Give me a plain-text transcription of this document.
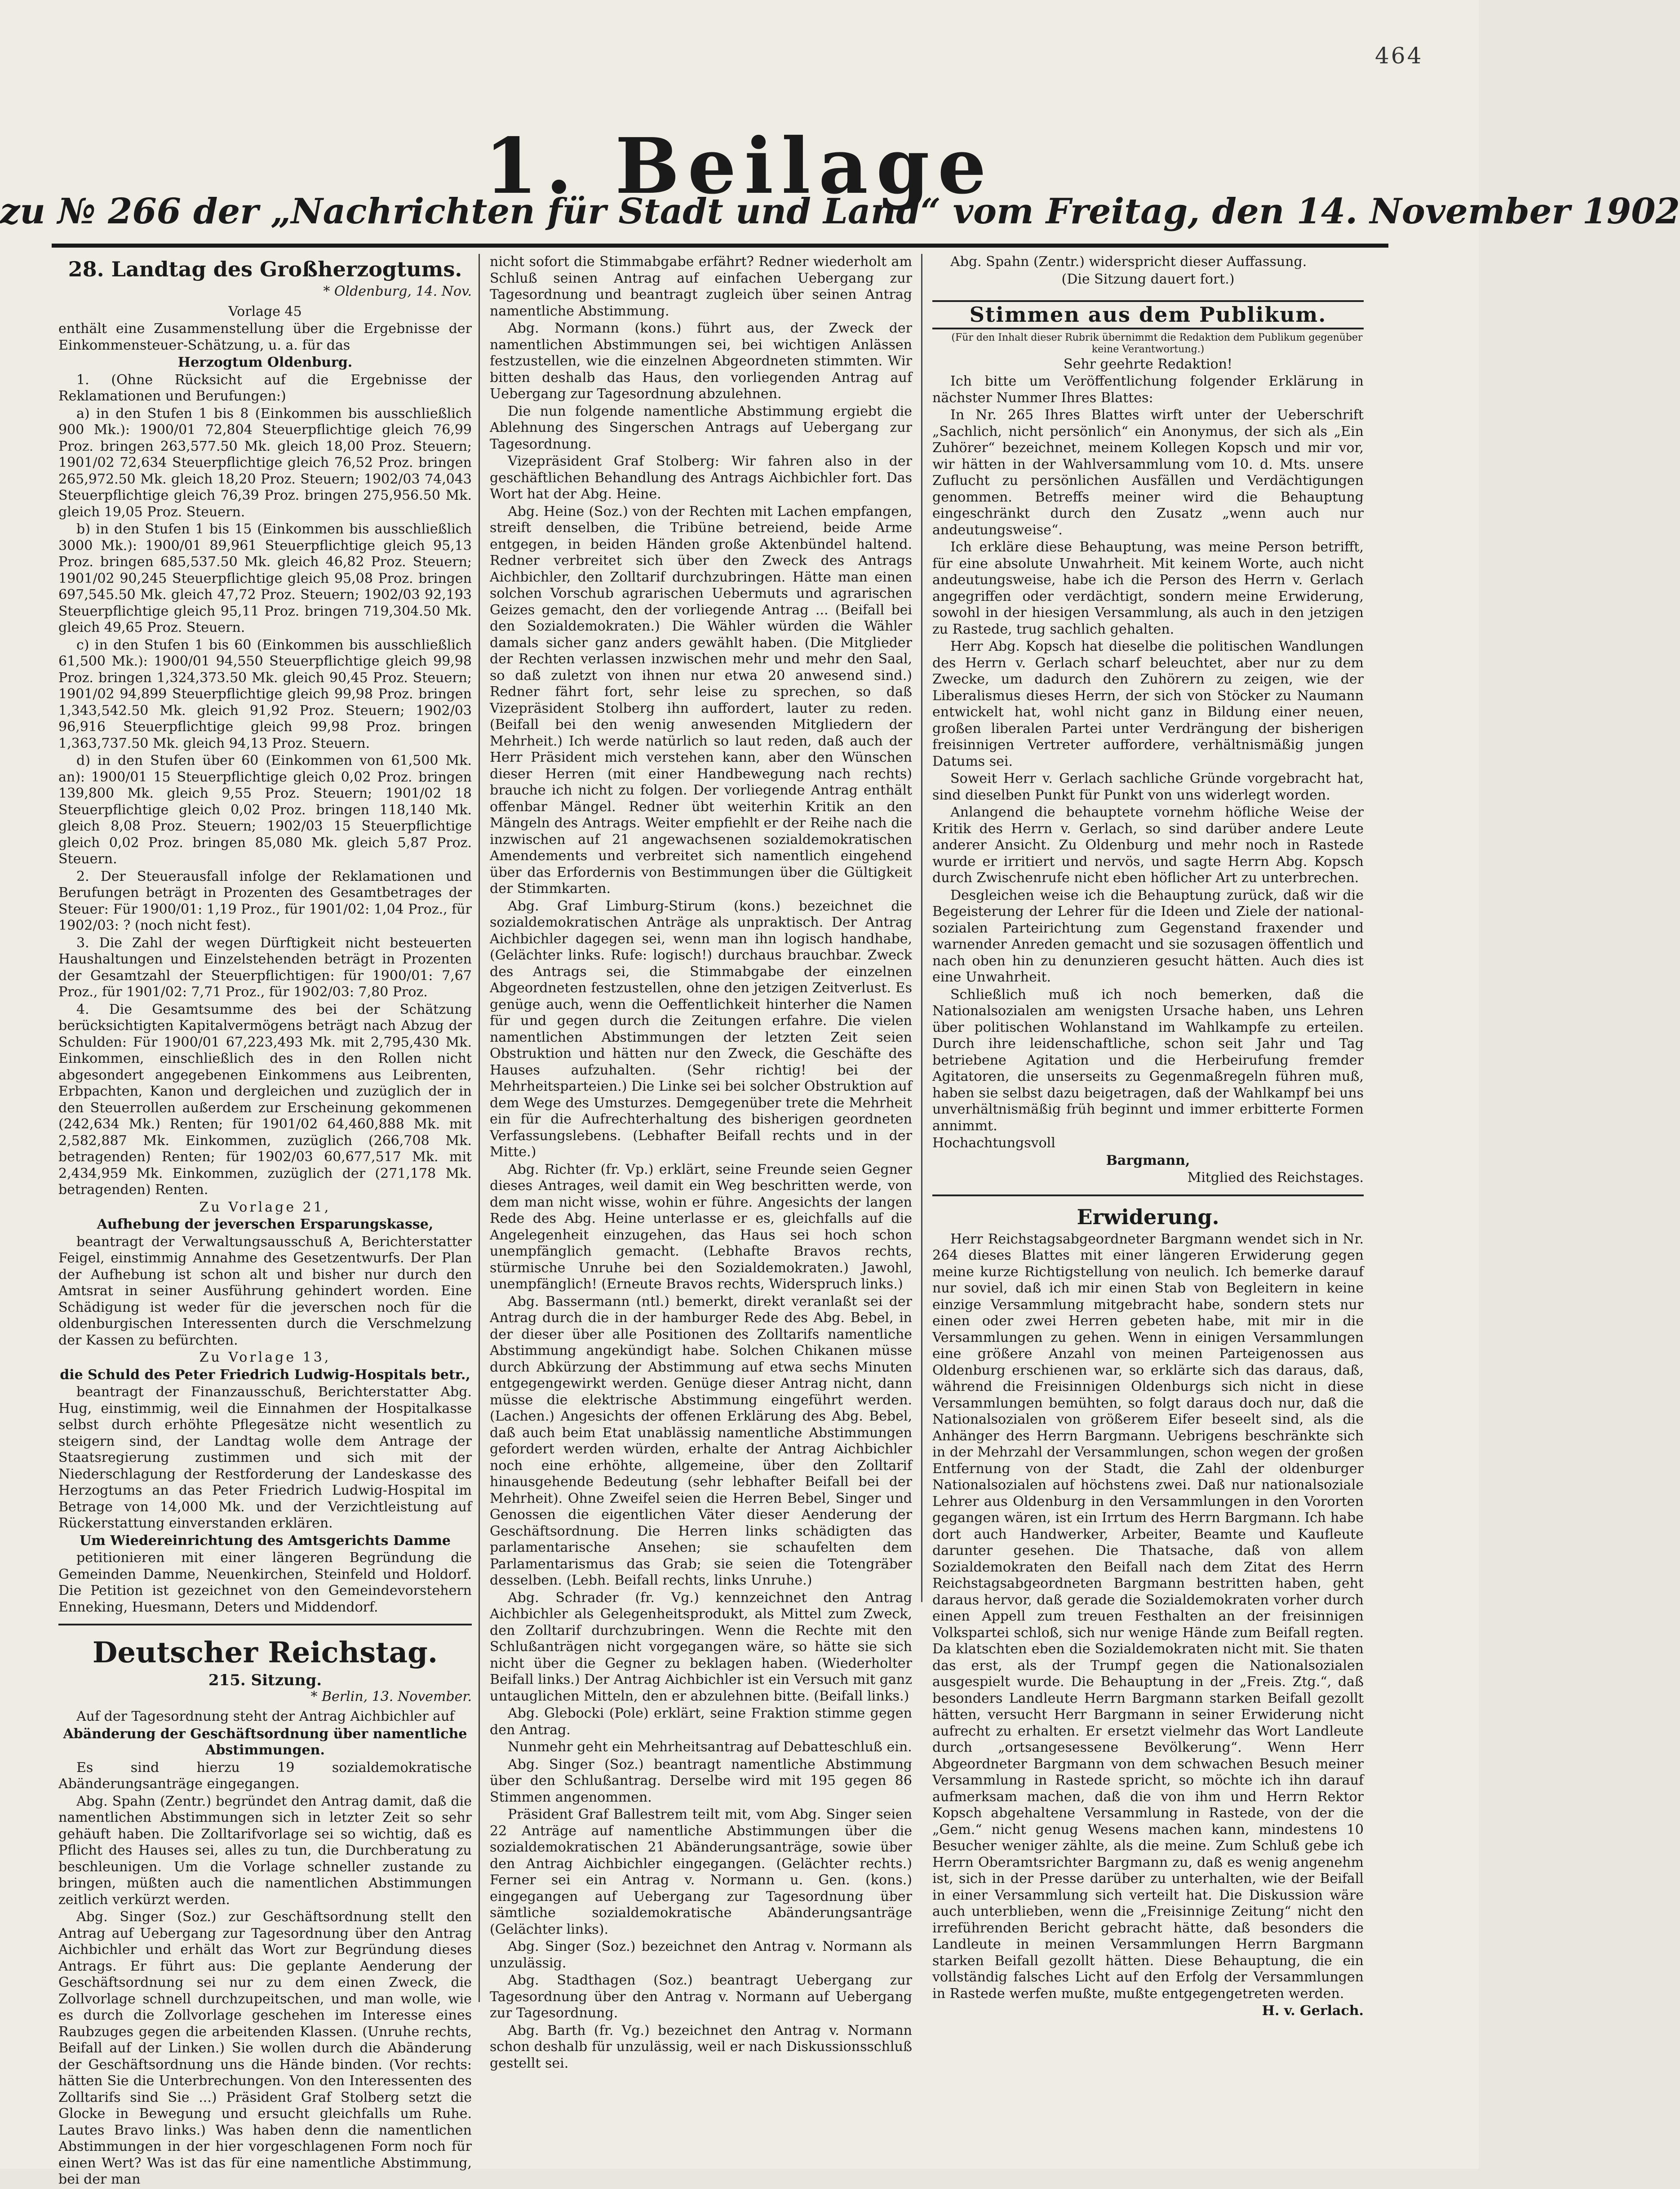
464
1. Beilage
zu № 266 der „Nachrichten für Stadt und Land“ vom Freitag, den 14. November 1902
28. Landtag des Großherzogtums.
* Oldenburg, 14. Nov.

Vorlage 45

enthält eine Zusammenstellung über die Ergebnisse der Einkommensteuer-Schätzung, u. a. für das

Herzogtum Oldenburg.

1. (Ohne Rücksicht auf die Ergebnisse der Reklamationen und Berufungen:)

a) in den Stufen 1 bis 8 (Einkommen bis ausschließlich 900 Mk.): 1900/01 72,804 Steuerpflichtige gleich 76,99 Proz. bringen 263,577.50 Mk. gleich 18,00 Proz. Steuern; 1901/02 72,634 Steuerpflichtige gleich 76,52 Proz. bringen 265,972.50 Mk. gleich 18,20 Proz. Steuern; 1902/03 74,043 Steuerpflichtige gleich 76,39 Proz. bringen 275,956.50 Mk. gleich 19,05 Proz. Steuern.

b) in den Stufen 1 bis 15 (Einkommen bis ausschließlich 3000 Mk.): 1900/01 89,961 Steuerpflichtige gleich 95,13 Proz. bringen 685,537.50 Mk. gleich 46,82 Proz. Steuern; 1901/02 90,245 Steuerpflichtige gleich 95,08 Proz. bringen 697,545.50 Mk. gleich 47,72 Proz. Steuern; 1902/03 92,193 Steuerpflichtige gleich 95,11 Proz. bringen 719,304.50 Mk. gleich 49,65 Proz. Steuern.

c) in den Stufen 1 bis 60 (Einkommen bis ausschließlich 61,500 Mk.): 1900/01 94,550 Steuerpflichtige gleich 99,98 Proz. bringen 1,324,373.50 Mk. gleich 90,45 Proz. Steuern; 1901/02 94,899 Steuerpflichtige gleich 99,98 Proz. bringen 1,343,542.50 Mk. gleich 91,92 Proz. Steuern; 1902/03 96,916 Steuerpflichtige gleich 99,98 Proz. bringen 1,363,737.50 Mk. gleich 94,13 Proz. Steuern.

d) in den Stufen über 60 (Einkommen von 61,500 Mk. an): 1900/01 15 Steuerpflichtige gleich 0,02 Proz. bringen 139,800 Mk. gleich 9,55 Proz. Steuern; 1901/02 18 Steuerpflichtige gleich 0,02 Proz. bringen 118,140 Mk. gleich 8,08 Proz. Steuern; 1902/03 15 Steuerpflichtige gleich 0,02 Proz. bringen 85,080 Mk. gleich 5,87 Proz. Steuern.

2. Der Steuerausfall infolge der Reklamationen und Berufungen beträgt in Prozenten des Gesamtbetrages der Steuer: Für 1900/01: 1,19 Proz., für 1901/02: 1,04 Proz., für 1902/03: ? (noch nicht fest).

3. Die Zahl der wegen Dürftigkeit nicht besteuerten Haushaltungen und Einzelstehenden beträgt in Prozenten der Gesamtzahl der Steuerpflichtigen: für 1900/01: 7,67 Proz., für 1901/02: 7,71 Proz., für 1902/03: 7,80 Proz.

4. Die Gesamtsumme des bei der Schätzung berücksichtigten Kapitalvermögens beträgt nach Abzug der Schulden: Für 1900/01 67,223,493 Mk. mit 2,795,430 Mk. Einkommen, einschließlich des in den Rollen nicht abgesondert angegebenen Einkommens aus Leibrenten, Erbpachten, Kanon und dergleichen und zuzüglich der in den Steuerrollen außerdem zur Erscheinung gekommenen (242,634 Mk.) Renten; für 1901/02 64,460,888 Mk. mit 2,582,887 Mk. Einkommen, zuzüglich (266,708 Mk. betragenden) Renten; für 1902/03 60,677,517 Mk. mit 2,434,959 Mk. Einkommen, zuzüglich der (271,178 Mk. betragenden) Renten.

Zu Vorlage 21,

Aufhebung der jeverschen Ersparungskasse,

beantragt der Verwaltungsausschuß A, Berichterstatter Feigel, einstimmig Annahme des Gesetzentwurfs. Der Plan der Aufhebung ist schon alt und bisher nur durch den Amtsrat in seiner Ausführung gehindert worden. Eine Schädigung ist weder für die jeverschen noch für die oldenburgischen Interessenten durch die Verschmelzung der Kassen zu befürchten.

Zu Vorlage 13,

die Schuld des Peter Friedrich Ludwig-Hospitals betr.,

beantragt der Finanzausschuß, Berichterstatter Abg. Hug, einstimmig, weil die Einnahmen der Hospitalkasse selbst durch erhöhte Pflegesätze nicht wesentlich zu steigern sind, der Landtag wolle dem Antrage der Staatsregierung zustimmen und sich mit der Niederschlagung der Restforderung der Landeskasse des Herzogtums an das Peter Friedrich Ludwig-Hospital im Betrage von 14,000 Mk. und der Verzichtleistung auf Rückerstattung einverstanden erklären.

Um Wiedereinrichtung des Amtsgerichts Damme

petitionieren mit einer längeren Begründung die Gemeinden Damme, Neuenkirchen, Steinfeld und Holdorf. Die Petition ist gezeichnet von den Gemeindevorstehern Enneking, Huesmann, Deters und Middendorf.

Deutscher Reichstag.
215. Sitzung.
* Berlin, 13. November.

Auf der Tagesordnung steht der Antrag Aichbichler auf

Abänderung der Geschäftsordnung über namentliche Abstimmungen.

Es sind hierzu 19 sozialdemokratische Abänderungsanträge eingegangen.

Abg. Spahn (Zentr.) begründet den Antrag damit, daß die namentlichen Abstimmungen sich in letzter Zeit so sehr gehäuft haben. Die Zolltarifvorlage sei so wichtig, daß es Pflicht des Hauses sei, alles zu tun, die Durchberatung zu beschleunigen. Um die Vorlage schneller zustande zu bringen, müßten auch die namentlichen Abstimmungen zeitlich verkürzt werden.

Abg. Singer (Soz.) zur Geschäftsordnung stellt den Antrag auf Uebergang zur Tagesordnung über den Antrag Aichbichler und erhält das Wort zur Begründung dieses Antrags. Er führt aus: Die geplante Aenderung der Geschäftsordnung sei nur zu dem einen Zweck, die Zollvorlage schnell durchzupeitschen, und man wolle, wie es durch die Zollvorlage geschehen im Interesse eines Raubzuges gegen die arbeitenden Klassen. (Unruhe rechts, Beifall auf der Linken.) Sie wollen durch die Abänderung der Geschäftsordnung uns die Hände binden. (Vor rechts: hätten Sie die Unterbrechungen. Von den Interessenten des Zolltarifs sind Sie ...) Präsident Graf Stolberg setzt die Glocke in Bewegung und ersucht gleichfalls um Ruhe. Lautes Bravo links.) Was haben denn die namentlichen Abstimmungen in der hier vorgeschlagenen Form noch für einen Wert? Was ist das für eine namentliche Abstimmung, bei der man

nicht sofort die Stimmabgabe erfährt? Redner wiederholt am Schluß seinen Antrag auf einfachen Uebergang zur Tagesordnung und beantragt zugleich über seinen Antrag namentliche Abstimmung.

Abg. Normann (kons.) führt aus, der Zweck der namentlichen Abstimmungen sei, bei wichtigen Anlässen festzustellen, wie die einzelnen Abgeordneten stimmten. Wir bitten deshalb das Haus, den vorliegenden Antrag auf Uebergang zur Tagesordnung abzulehnen.

Die nun folgende namentliche Abstimmung ergiebt die Ablehnung des Singerschen Antrags auf Uebergang zur Tagesordnung.

Vizepräsident Graf Stolberg: Wir fahren also in der geschäftlichen Behandlung des Antrags Aichbichler fort. Das Wort hat der Abg. Heine.

Abg. Heine (Soz.) von der Rechten mit Lachen empfangen, streift denselben, die Tribüne betreiend, beide Arme entgegen, in beiden Händen große Aktenbündel haltend. Redner verbreitet sich über den Zweck des Antrags Aichbichler, den Zolltarif durchzubringen. Hätte man einen solchen Vorschub agrarischen Uebermuts und agrarischen Geizes gemacht, den der vorliegende Antrag ... (Beifall bei den Sozialdemokraten.) Die Wähler würden die Wähler damals sicher ganz anders gewählt haben. (Die Mitglieder der Rechten verlassen inzwischen mehr und mehr den Saal, so daß zuletzt von ihnen nur etwa 20 anwesend sind.) Redner fährt fort, sehr leise zu sprechen, so daß Vizepräsident Stolberg ihn auffordert, lauter zu reden. (Beifall bei den wenig anwesenden Mitgliedern der Mehrheit.) Ich werde natürlich so laut reden, daß auch der Herr Präsident mich verstehen kann, aber den Wünschen dieser Herren (mit einer Handbewegung nach rechts) brauche ich nicht zu folgen. Der vorliegende Antrag enthält offenbar Mängel. Redner übt weiterhin Kritik an den Mängeln des Antrags. Weiter empfiehlt er der Reihe nach die inzwischen auf 21 angewachsenen sozialdemokratischen Amendements und verbreitet sich namentlich eingehend über das Erfordernis von Bestimmungen über die Gültigkeit der Stimmkarten.

Abg. Graf Limburg-Stirum (kons.) bezeichnet die sozialdemokratischen Anträge als unpraktisch. Der Antrag Aichbichler dagegen sei, wenn man ihn logisch handhabe, (Gelächter links. Rufe: logisch!) durchaus brauchbar. Zweck des Antrags sei, die Stimmabgabe der einzelnen Abgeordneten festzustellen, ohne den jetzigen Zeitverlust. Es genüge auch, wenn die Oeffentlichkeit hinterher die Namen für und gegen durch die Zeitungen erfahre. Die vielen namentlichen Abstimmungen der letzten Zeit seien Obstruktion und hätten nur den Zweck, die Geschäfte des Hauses aufzuhalten. (Sehr richtig! bei der Mehrheitsparteien.) Die Linke sei bei solcher Obstruktion auf dem Wege des Umsturzes. Demgegenüber trete die Mehrheit ein für die Aufrechterhaltung des bisherigen geordneten Verfassungslebens. (Lebhafter Beifall rechts und in der Mitte.)

Abg. Richter (fr. Vp.) erklärt, seine Freunde seien Gegner dieses Antrages, weil damit ein Weg beschritten werde, von dem man nicht wisse, wohin er führe. Angesichts der langen Rede des Abg. Heine unterlasse er es, gleichfalls auf die Angelegenheit einzugehen, das Haus sei hoch schon unempfänglich gemacht. (Lebhafte Bravos rechts, stürmische Unruhe bei den Sozialdemokraten.) Jawohl, unempfänglich! (Erneute Bravos rechts, Widerspruch links.)

Abg. Bassermann (ntl.) bemerkt, direkt veranlaßt sei der Antrag durch die in der hamburger Rede des Abg. Bebel, in der dieser über alle Positionen des Zolltarifs namentliche Abstimmung angekündigt habe. Solchen Chikanen müsse durch Abkürzung der Abstimmung auf etwa sechs Minuten entgegengewirkt werden. Genüge dieser Antrag nicht, dann müsse die elektrische Abstimmung eingeführt werden. (Lachen.) Angesichts der offenen Erklärung des Abg. Bebel, daß auch beim Etat unablässig namentliche Abstimmungen gefordert werden würden, erhalte der Antrag Aichbichler noch eine erhöhte, allgemeine, über den Zolltarif hinausgehende Bedeutung (sehr lebhafter Beifall bei der Mehrheit). Ohne Zweifel seien die Herren Bebel, Singer und Genossen die eigentlichen Väter dieser Aenderung der Geschäftsordnung. Die Herren links schädigten das parlamentarische Ansehen; sie schaufelten dem Parlamentarismus das Grab; sie seien die Totengräber desselben. (Lebh. Beifall rechts, links Unruhe.)

Abg. Schrader (fr. Vg.) kennzeichnet den Antrag Aichbichler als Gelegenheitsprodukt, als Mittel zum Zweck, den Zolltarif durchzubringen. Wenn die Rechte mit den Schlußanträgen nicht vorgegangen wäre, so hätte sie sich nicht über die Gegner zu beklagen haben. (Wiederholter Beifall links.) Der Antrag Aichbichler ist ein Versuch mit ganz untauglichen Mitteln, den er abzulehnen bitte. (Beifall links.)

Abg. Glebocki (Pole) erklärt, seine Fraktion stimme gegen den Antrag.

Nunmehr geht ein Mehrheitsantrag auf Debatteschluß ein.

Abg. Singer (Soz.) beantragt namentliche Abstimmung über den Schlußantrag. Derselbe wird mit 195 gegen 86 Stimmen angenommen.

Präsident Graf Ballestrem teilt mit, vom Abg. Singer seien 22 Anträge auf namentliche Abstimmungen über die sozialdemokratischen 21 Abänderungsanträge, sowie über den Antrag Aichbichler eingegangen. (Gelächter rechts.) Ferner sei ein Antrag v. Normann u. Gen. (kons.) eingegangen auf Uebergang zur Tagesordnung über sämtliche sozialdemokratische Abänderungsanträge (Gelächter links).

Abg. Singer (Soz.) bezeichnet den Antrag v. Normann als unzulässig.

Abg. Stadthagen (Soz.) beantragt Uebergang zur Tagesordnung über den Antrag v. Normann auf Uebergang zur Tagesordnung.

Abg. Barth (fr. Vg.) bezeichnet den Antrag v. Normann schon deshalb für unzulässig, weil er nach Diskussionsschluß gestellt sei.

Abg. Spahn (Zentr.) widerspricht dieser Auffassung.

(Die Sitzung dauert fort.)

Stimmen aus dem Publikum.

(Für den Inhalt dieser Rubrik übernimmt die Redaktion dem Publikum gegenüber keine Verantwortung.)

Sehr geehrte Redaktion!

Ich bitte um Veröffentlichung folgender Erklärung in nächster Nummer Ihres Blattes:

In Nr. 265 Ihres Blattes wirft unter der Ueberschrift „Sachlich, nicht persönlich“ ein Anonymus, der sich als „Ein Zuhörer“ bezeichnet, meinem Kollegen Kopsch und mir vor, wir hätten in der Wahlversammlung vom 10. d. Mts. unsere Zuflucht zu persönlichen Ausfällen und Verdächtigungen genommen. Betreffs meiner wird die Behauptung eingeschränkt durch den Zusatz „wenn auch nur andeutungsweise“.

Ich erkläre diese Behauptung, was meine Person betrifft, für eine absolute Unwahrheit. Mit keinem Worte, auch nicht andeutungsweise, habe ich die Person des Herrn v. Gerlach angegriffen oder verdächtigt, sondern meine Erwiderung, sowohl in der hiesigen Versammlung, als auch in den jetzigen zu Rastede, trug sachlich gehalten.

Herr Abg. Kopsch hat dieselbe die politischen Wandlungen des Herrn v. Gerlach scharf beleuchtet, aber nur zu dem Zwecke, um dadurch den Zuhörern zu zeigen, wie der Liberalismus dieses Herrn, der sich von Stöcker zu Naumann entwickelt hat, wohl nicht ganz in Bildung einer neuen, großen liberalen Partei unter Verdrängung der bisherigen freisinnigen Vertreter auffordere, verhältnismäßig jungen Datums sei.

Soweit Herr v. Gerlach sachliche Gründe vorgebracht hat, sind dieselben Punkt für Punkt von uns widerlegt worden.

Anlangend die behauptete vornehm höfliche Weise der Kritik des Herrn v. Gerlach, so sind darüber andere Leute anderer Ansicht. Zu Oldenburg und mehr noch in Rastede wurde er irritiert und nervös, und sagte Herrn Abg. Kopsch durch Zwischenrufe nicht eben höflicher Art zu unterbrechen.

Desgleichen weise ich die Behauptung zurück, daß wir die Begeisterung der Lehrer für die Ideen und Ziele der national-sozialen Parteirichtung zum Gegenstand fraxender und warnender Anreden gemacht und sie sozusagen öffentlich und nach oben hin zu denunzieren gesucht hätten. Auch dies ist eine Unwahrheit.

Schließlich muß ich noch bemerken, daß die Nationalsozialen am wenigsten Ursache haben, uns Lehren über politischen Wohlanstand im Wahlkampfe zu erteilen. Durch ihre leidenschaftliche, schon seit Jahr und Tag betriebene Agitation und die Herbeirufung fremder Agitatoren, die unserseits zu Gegenmaßregeln führen muß, haben sie selbst dazu beigetragen, daß der Wahlkampf bei uns unverhältnismäßig früh beginnt und immer erbitterte Formen annimmt.

Hochachtungsvoll

Bargmann,

Mitglied des Reichstages.

Erwiderung.

Herr Reichstagsabgeordneter Bargmann wendet sich in Nr. 264 dieses Blattes mit einer längeren Erwiderung gegen meine kurze Richtigstellung von neulich. Ich bemerke darauf nur soviel, daß ich mir einen Stab von Begleitern in keine einzige Versammlung mitgebracht habe, sondern stets nur einen oder zwei Herren gebeten habe, mit mir in die Versammlungen zu gehen. Wenn in einigen Versammlungen eine größere Anzahl von meinen Parteigenossen aus Oldenburg erschienen war, so erklärte sich das daraus, daß, während die Freisinnigen Oldenburgs sich nicht in diese Versammlungen bemühten, so folgt daraus doch nur, daß die Nationalsozialen von größerem Eifer beseelt sind, als die Anhänger des Herrn Bargmann. Uebrigens beschränkte sich in der Mehrzahl der Versammlungen, schon wegen der großen Entfernung von der Stadt, die Zahl der oldenburger Nationalsozialen auf höchstens zwei. Daß nur nationalsoziale Lehrer aus Oldenburg in den Versammlungen in den Vororten gegangen wären, ist ein Irrtum des Herrn Bargmann. Ich habe dort auch Handwerker, Arbeiter, Beamte und Kaufleute darunter gesehen. Die Thatsache, daß von allem Sozialdemokraten den Beifall nach dem Zitat des Herrn Reichstagsabgeordneten Bargmann bestritten haben, geht daraus hervor, daß gerade die Sozialdemokraten vorher durch einen Appell zum treuen Festhalten an der freisinnigen Volkspartei schloß, sich nur wenige Hände zum Beifall regten. Da klatschten eben die Sozialdemokraten nicht mit. Sie thaten das erst, als der Trumpf gegen die Nationalsozialen ausgespielt wurde. Die Behauptung in der „Freis. Ztg.“, daß besonders Landleute Herrn Bargmann starken Beifall gezollt hätten, versucht Herr Bargmann in seiner Erwiderung nicht aufrecht zu erhalten. Er ersetzt vielmehr das Wort Landleute durch „ortsangesessene Bevölkerung“. Wenn Herr Abgeordneter Bargmann von dem schwachen Besuch meiner Versammlung in Rastede spricht, so möchte ich ihn darauf aufmerksam machen, daß die von ihm und Herrn Rektor Kopsch abgehaltene Versammlung in Rastede, von der die „Gem.“ nicht genug Wesens machen kann, mindestens 10 Besucher weniger zählte, als die meine. Zum Schluß gebe ich Herrn Oberamtsrichter Bargmann zu, daß es wenig angenehm ist, sich in der Presse darüber zu unterhalten, wie der Beifall in einer Versammlung sich verteilt hat. Die Diskussion wäre auch unterblieben, wenn die „Freisinnige Zeitung“ nicht den irreführenden Bericht gebracht hätte, daß besonders die Landleute in meinen Versammlungen Herrn Bargmann starken Beifall gezollt hätten. Diese Behauptung, die ein vollständig falsches Licht auf den Erfolg der Versammlungen in Rastede werfen mußte, mußte entgegengetreten werden.

H. v. Gerlach.
